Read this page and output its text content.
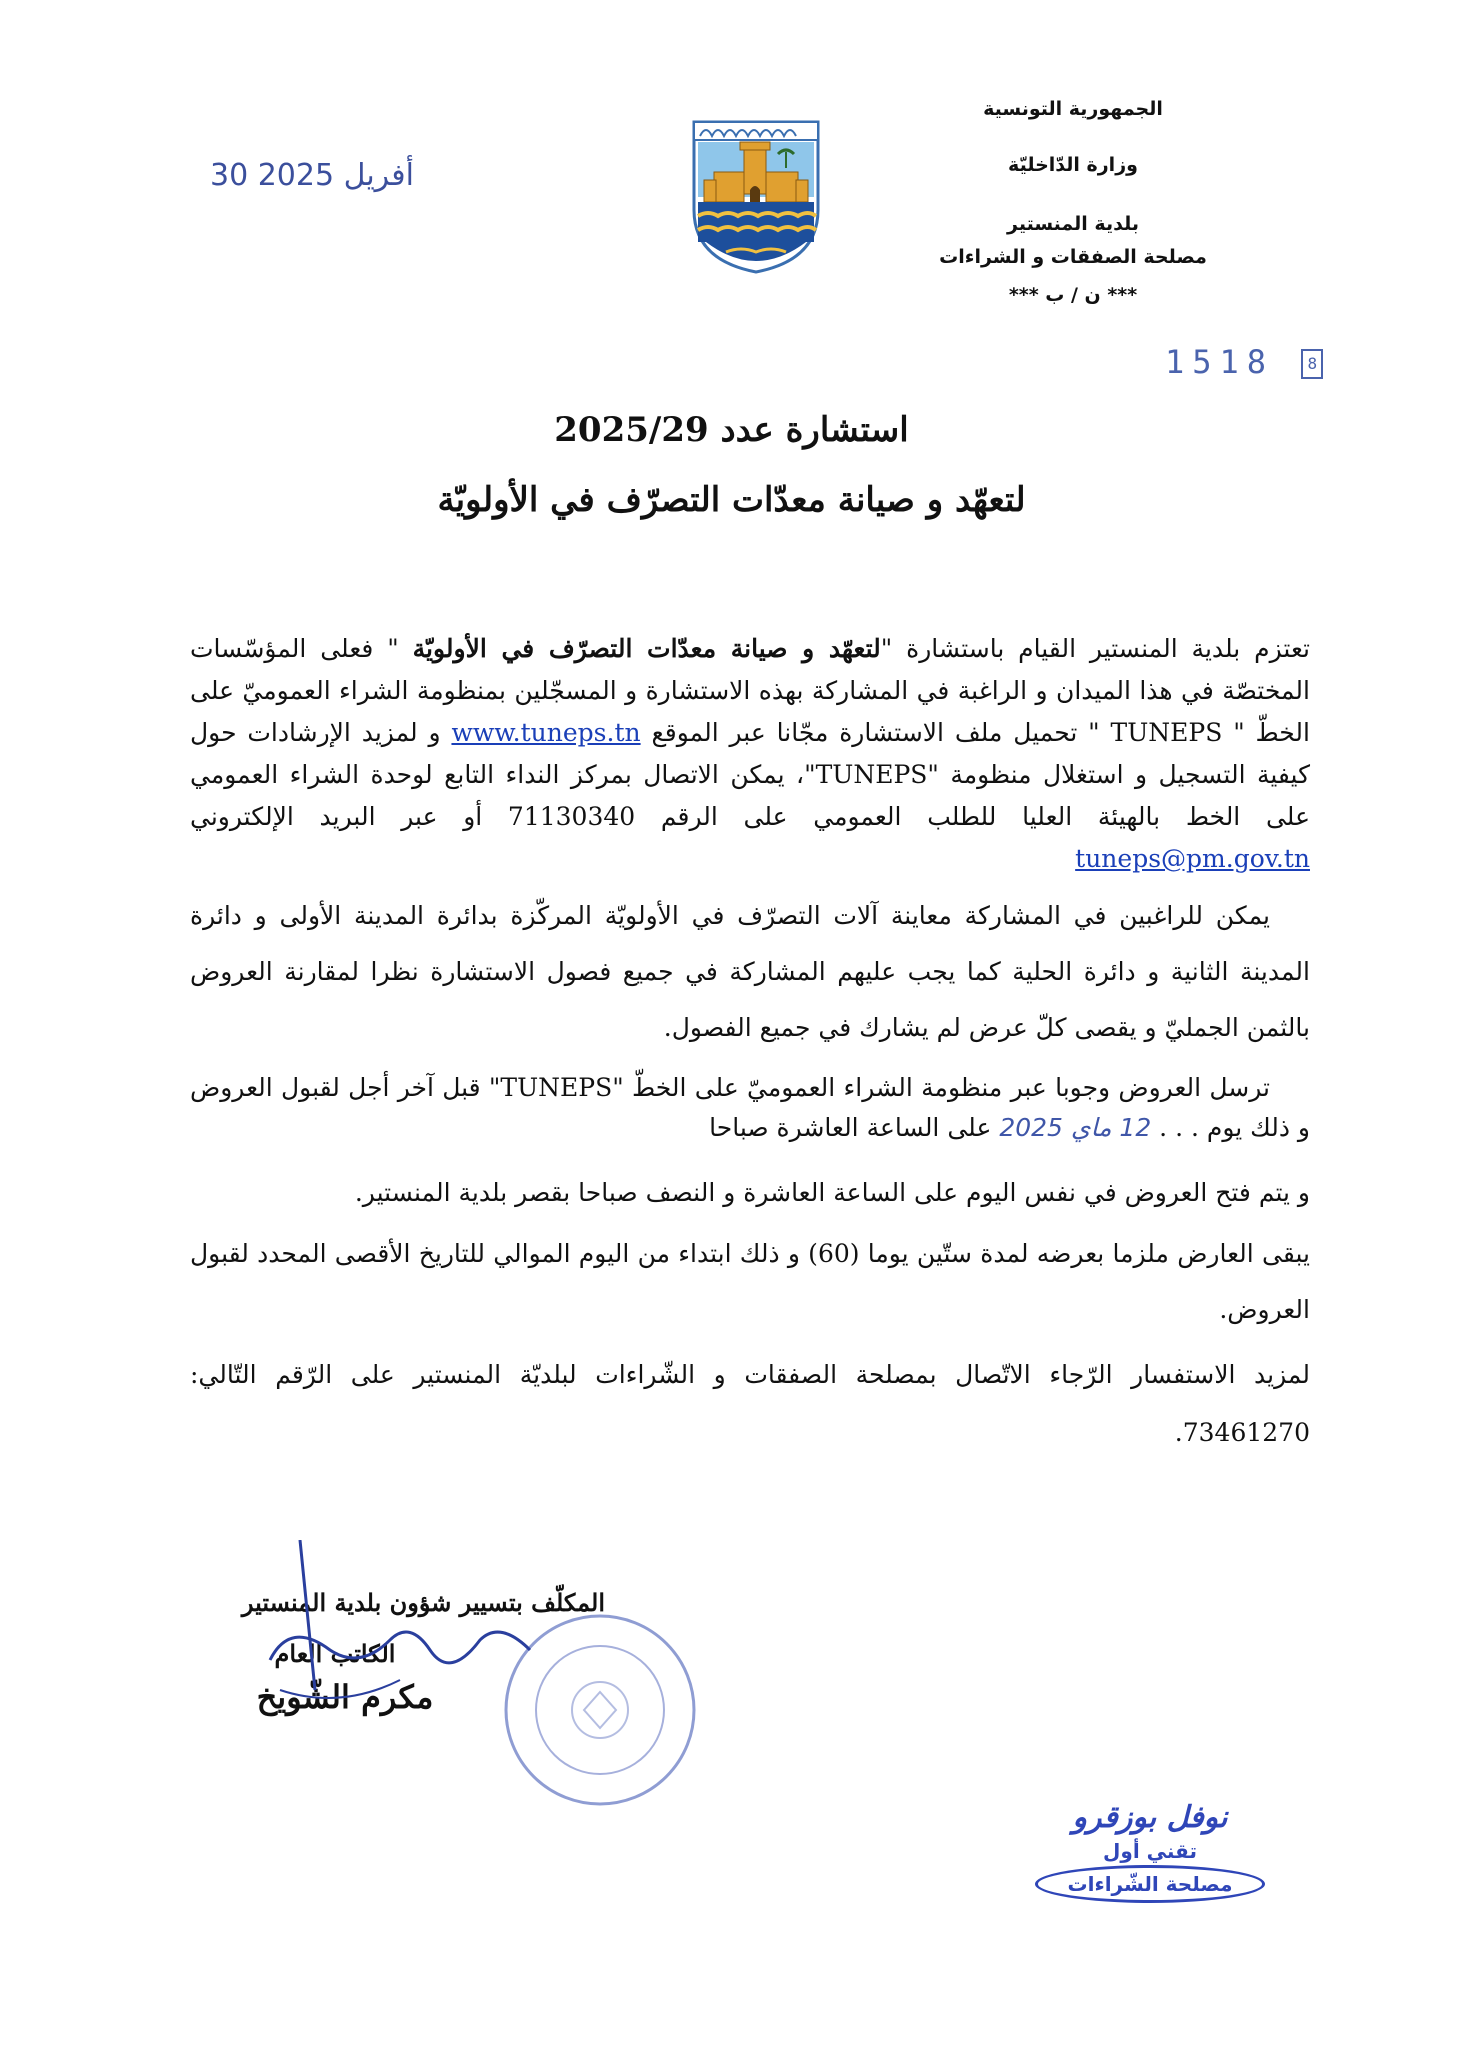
الجمهورية التونسية
وزارة الدّاخليّة
بلدية المنستير
مصلحة الصفقات و الشراءات
*** ن / ب ***
30 أفريل 2025
1518 8
استشارة عدد 2025/29
لتعهّد و صيانة معدّات التصرّف في الأولويّة

تعتزم بلدية المنستير القيام باستشارة "لتعهّد و صيانة معدّات التصرّف في الأولويّة " فعلى المؤسّسات المختصّة في هذا الميدان و الراغبة في المشاركة بهذه الاستشارة و المسجّلين بمنظومة الشراء العموميّ على الخطّ " TUNEPS " تحميل ملف الاستشارة مجّانا عبر الموقع www.tuneps.tn و لمزيد الإرشادات حول كيفية التسجيل و استغلال منظومة "TUNEPS"، يمكن الاتصال بمركز النداء التابع لوحدة الشراء العمومي على الخط بالهيئة العليا للطلب العمومي على الرقم 71130340 أو عبر البريد الإلكتروني tuneps@pm.gov.tn

يمكن للراغبين في المشاركة معاينة آلات التصرّف في الأولويّة المركّزة بدائرة المدينة الأولى و دائرة المدينة الثانية و دائرة الحلية كما يجب عليهم المشاركة في جميع فصول الاستشارة نظرا لمقارنة العروض بالثمن الجمليّ و يقصى كلّ عرض لم يشارك في جميع الفصول.

ترسل العروض وجوبا عبر منظومة الشراء العموميّ على الخطّ "TUNEPS" قبل آخر أجل لقبول العروض و ذلك يوم . . . 12 ماي 2025 على الساعة العاشرة صباحا

و يتم فتح العروض في نفس اليوم على الساعة العاشرة و النصف صباحا بقصر بلدية المنستير.

يبقى العارض ملزما بعرضه لمدة ستّين يوما (60) و ذلك ابتداء من اليوم الموالي للتاريخ الأقصى المحدد لقبول العروض.

لمزيد الاستفسار الرّجاء الاتّصال بمصلحة الصفقات و الشّراءات لبلديّة المنستير على الرّقم التّالي: 73461270.

المكلّف بتسيير شؤون بلدية المنستير
الكاتب العام
مكرم الشّويخ
نوفل بوزقرو
تقني أول
مصلحة الشّراءات
